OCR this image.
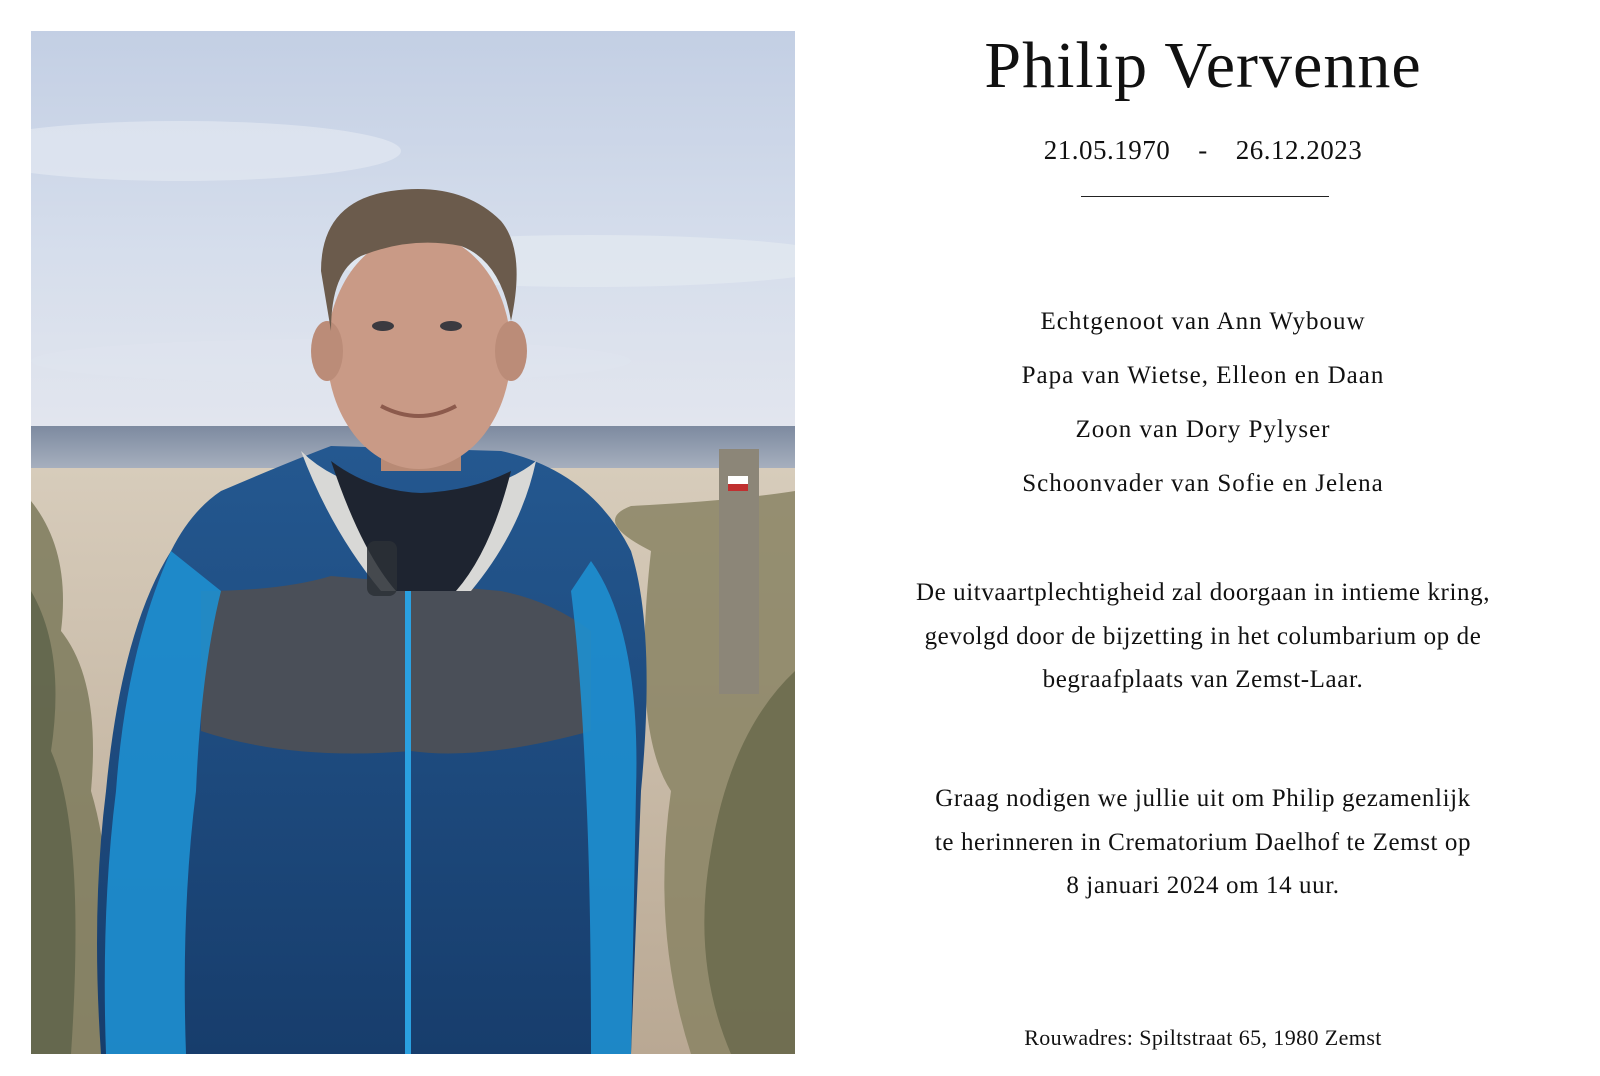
Philip Vervenne
21.05.1970 - 26.12.2023
Echtgenoot van Ann Wybouw
Papa van Wietse, Elleon en Daan
Zoon van Dory Pylyser
Schoonvader van Sofie en Jelena

De uitvaartplechtigheid zal doorgaan in intieme kring,
gevolgd door de bijzetting in het columbarium op de
begraafplaats van Zemst-Laar.

Graag nodigen we jullie uit om Philip gezamenlijk
te herinneren in Crematorium Daelhof te Zemst op
8 januari 2024 om 14 uur.

Rouwadres: Spiltstraat 65, 1980 Zemst
